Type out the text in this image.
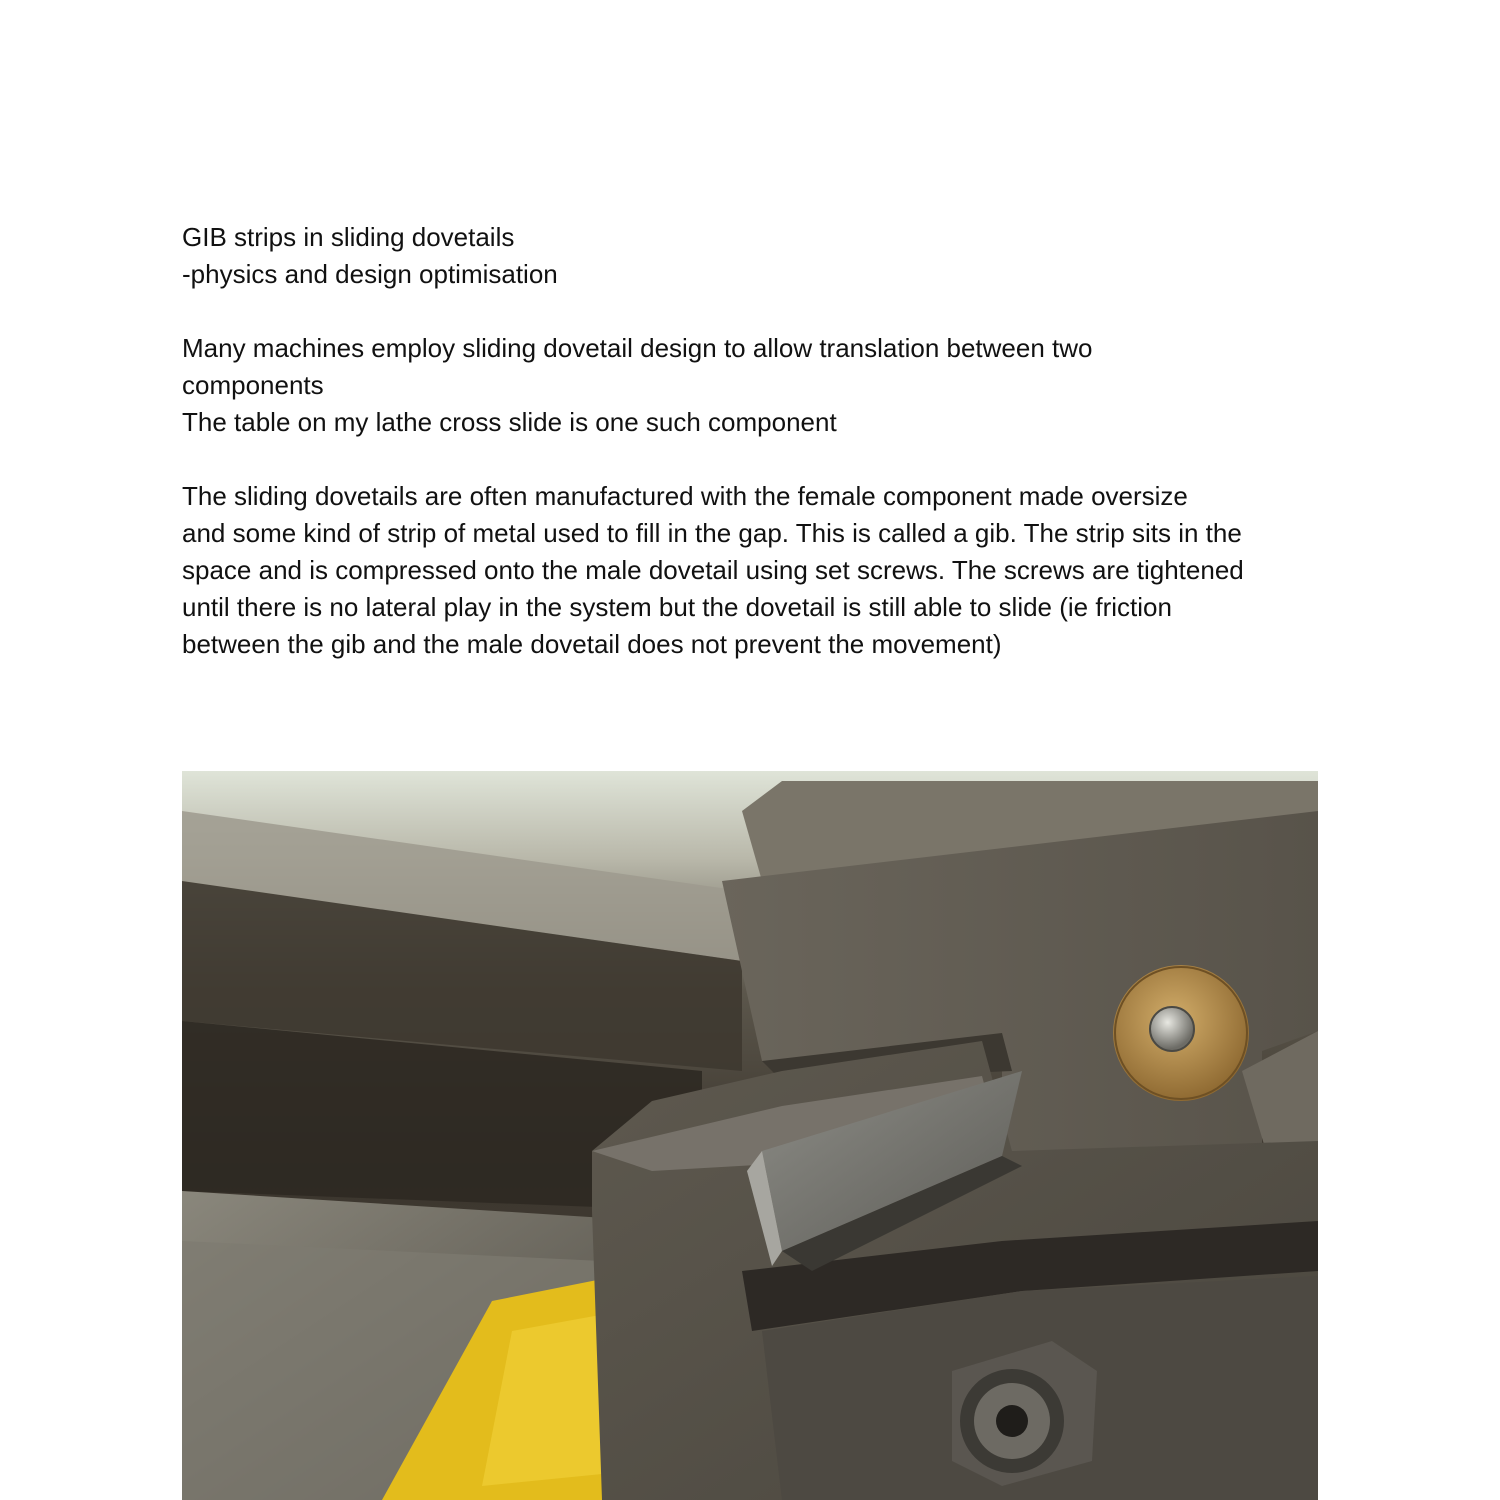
GIB strips in sliding dovetails
-physics and design optimisation
Many machines employ sliding dovetail design to allow translation between two
components
The table on my lathe cross slide is one such component
The sliding dovetails are often manufactured with the female component made oversize
and some kind of strip of metal used to fill in the gap. This is called a gib. The strip sits in the
space and is compressed onto the male dovetail using set screws. The screws are tightened
until there is no lateral play in the system but the dovetail is still able to slide (ie friction
between the gib and the male dovetail does not prevent the movement)
